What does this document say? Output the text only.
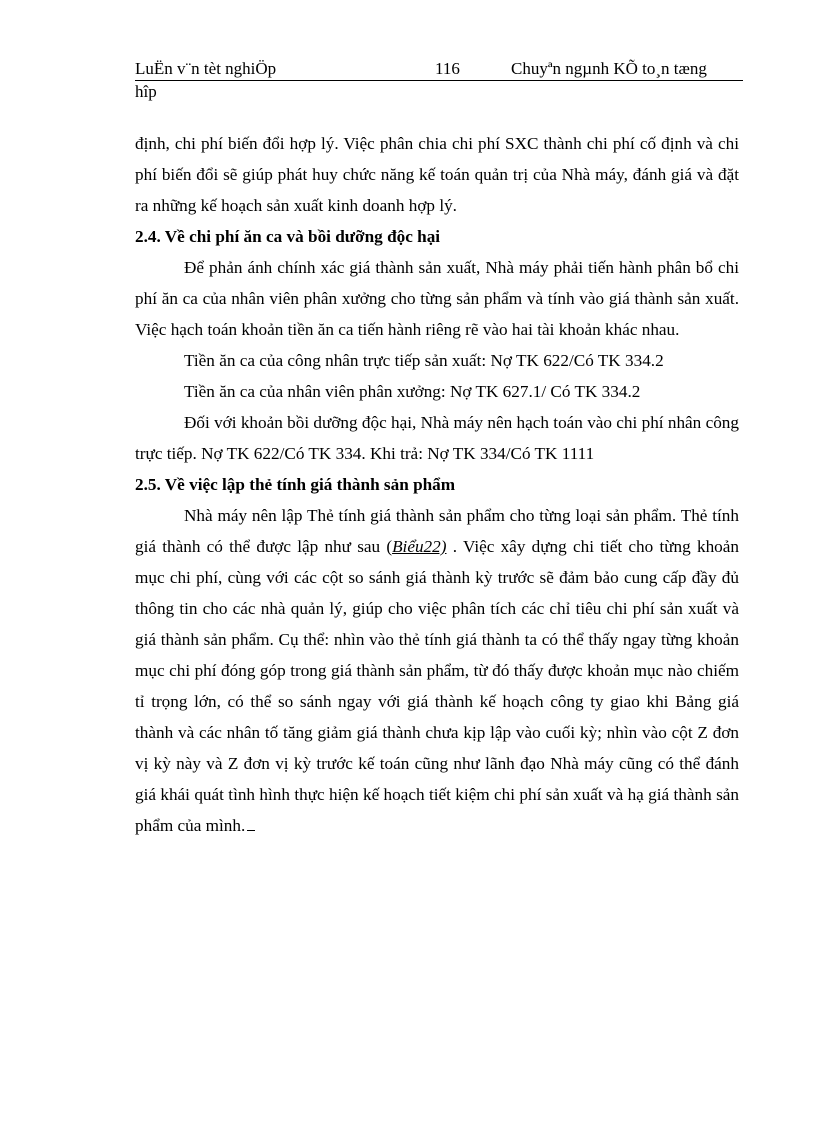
LuËn v¨n tèt nghiÖp	116	Chuyªn ngµnh KÕ to¸n tæng
hîp

định, chi phí biến đổi hợp lý. Việc phân chia chi phí SXC thành chi phí cố định và chi phí biến đổi sẽ giúp phát huy chức năng kế toán quản trị của Nhà máy, đánh giá và đặt ra những kế hoạch sản xuất kinh doanh hợp lý.

2.4. Về chi phí ăn ca và bồi dưỡng độc hại

Để phản ánh chính xác giá thành sản xuất, Nhà máy phải tiến hành phân bổ chi phí ăn ca của nhân viên phân xưởng cho từng sản phẩm và tính vào giá thành sản xuất. Việc hạch toán khoản tiền ăn ca tiến hành riêng rẽ vào hai tài khoản khác nhau.

Tiền ăn ca của công nhân trực tiếp sản xuất: Nợ TK 622/Có TK 334.2

Tiền ăn ca của nhân viên phân xưởng: Nợ TK 627.1/ Có TK 334.2

Đối với khoản bồi dưỡng độc hại, Nhà máy nên hạch toán vào chi phí nhân công trực tiếp. Nợ TK 622/Có TK 334. Khi trả: Nợ TK 334/Có TK 1111

2.5. Về việc lập thẻ tính giá thành sản phẩm

Nhà máy nên lập Thẻ tính giá thành sản phẩm cho từng loại sản phẩm. Thẻ tính giá thành có thể được lập như sau (Biểu22) . Việc xây dựng chi tiết cho từng khoản mục chi phí, cùng với các cột so sánh giá thành kỳ trước sẽ đảm bảo cung cấp đầy đủ thông tin cho các nhà quản lý, giúp cho việc phân tích các chỉ tiêu chi phí sản xuất và giá thành sản phẩm. Cụ thể: nhìn vào thẻ tính giá thành ta có thể thấy ngay từng khoản mục chi phí đóng góp trong giá thành sản phẩm, từ đó thấy được khoản mục nào chiếm tỉ trọng lớn, có thể so sánh ngay với giá thành kế hoạch công ty giao khi Bảng giá thành và các nhân tố tăng giảm giá thành chưa kịp lập vào cuối kỳ; nhìn vào cột Z đơn vị kỳ này và Z đơn vị kỳ trước kế toán cũng như lãnh đạo Nhà máy cũng có thể đánh giá khái quát tình hình thực hiện kế hoạch tiết kiệm chi phí sản xuất và hạ giá thành sản phẩm của mình.
